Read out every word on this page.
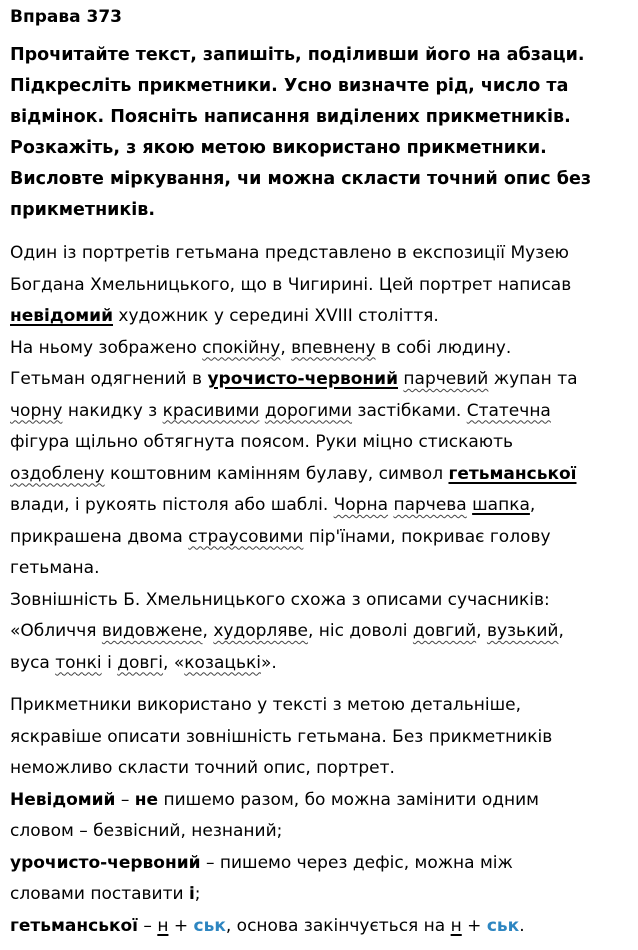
Вправа 373
Прочитайте текст, запишіть, поділивши його на абзаци.
Підкресліть прикметники. Усно визначте рід, число та
відмінок. Поясніть написання виділених прикметників.
Розкажіть, з якою метою використано прикметники.
Висловте міркування, чи можна скласти точний опис без
прикметників.
Один із портретів гетьмана представлено в експозиції Музею
Богдана Хмельницького, що в Чигирині. Цей портрет написав
невідомий художник у середині XVIII століття.
На ньому зображено спокійну, впевнену в собі людину.
Гетьман одягнений в урочисто-червоний парчевий жупан та
чорну накидку з красивими дорогими застібками. Статечна
фігура щільно обтягнута поясом. Руки міцно стискають
оздоблену коштовним камінням булаву, символ гетьманської
влади, і рукоять пістоля або шаблі. Чорна парчева шапка,
прикрашена двома страусовими пір'їнами, покриває голову
гетьмана.
Зовнішність Б. Хмельницького схожа з описами сучасників:
«Обличчя видовжене, худорляве, ніс доволі довгий, вузький,
вуса тонкі і довгі, «козацькі».
Прикметники використано у тексті з метою детальніше,
яскравіше описати зовнішність гетьмана. Без прикметників
неможливо скласти точний опис, портрет.
Невідомий – не пишемо разом, бо можна замінити одним
словом – безвісний, незнаний;
урочисто-червоний – пишемо через дефіс, можна між
словами поставити і;
гетьманської – н + ськ, основа закінчується на н + ськ.
